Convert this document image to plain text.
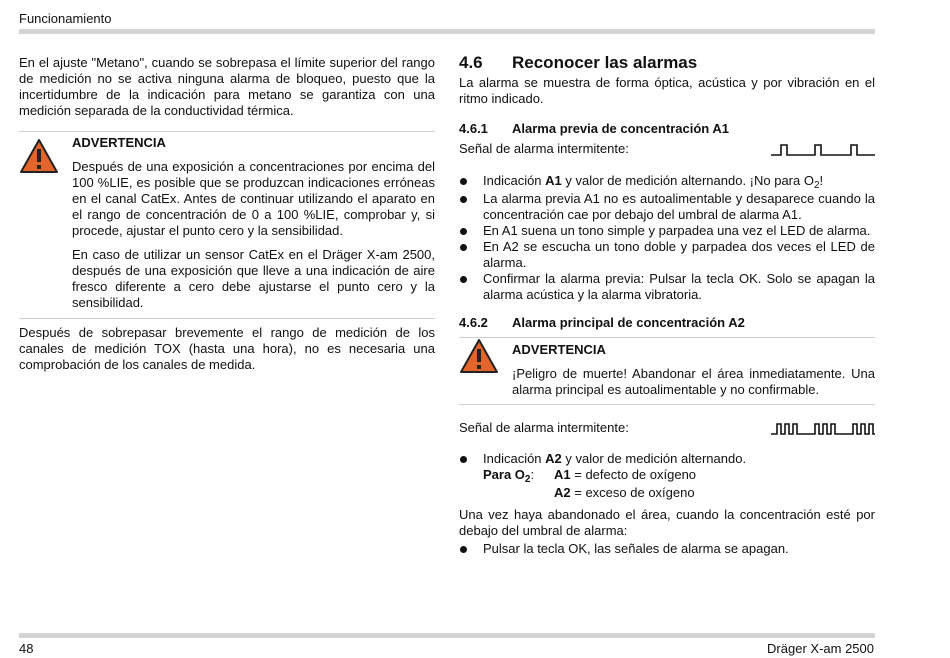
Funcionamiento

En el ajuste "Metano", cuando se sobrepasa el límite superior del rango de medición no se activa ninguna alarma de bloqueo, puesto que la incertidumbre de la indicación para metano se garantiza con una medición separada de la conductividad térmica.

ADVERTENCIA

Después de una exposición a concentraciones por encima del 100 %LIE, es posible que se produzcan indicaciones erróneas en el canal CatEx. Antes de continuar utilizando el aparato en el rango de concentración de 0 a 100 %LIE, comprobar y, si procede, ajustar el punto cero y la sensibilidad.

En caso de utilizar un sensor CatEx en el Dräger X-am 2500, después de una exposición que lleve a una indicación de aire fresco diferente a cero debe ajustarse el punto cero y la sensibilidad.

Después de sobrepasar brevemente el rango de medición de los canales de medición TOX (hasta una hora), no es necesaria una comprobación de los canales de medida.

4.6	Reconocer las alarmas

La alarma se muestra de forma óptica, acústica y por vibración en el ritmo indicado.

4.6.1	Alarma previa de concentración A1
Señal de alarma intermitente:
Indicación A1 y valor de medición alternando. ¡No para $O_2$!
La alarma previa A1 no es autoalimentable y desaparece cuando la concentración cae por debajo del umbral de alarma A1.
En A1 suena un tono simple y parpadea una vez el LED de alarma.
En A2 se escucha un tono doble y parpadea dos veces el LED de alarma.
Confirmar la alarma previa: Pulsar la tecla OK. Solo se apagan la alarma acústica y la alarma vibratoria.
4.6.2	Alarma principal de concentración A2

ADVERTENCIA

¡Peligro de muerte! Abandonar el área inmediatamente. Una alarma principal es autoalimentable y no confirmable.

Señal de alarma intermitente:
Indicación A2 y valor de medición alternando.
Para $O_2$: A1 = defecto de oxígeno
A2 = exceso de oxígeno

Una vez haya abandonado el área, cuando la concentración esté por debajo del umbral de alarma:

Pulsar la tecla OK, las señales de alarma se apagan.
48	Dräger X-am 2500
